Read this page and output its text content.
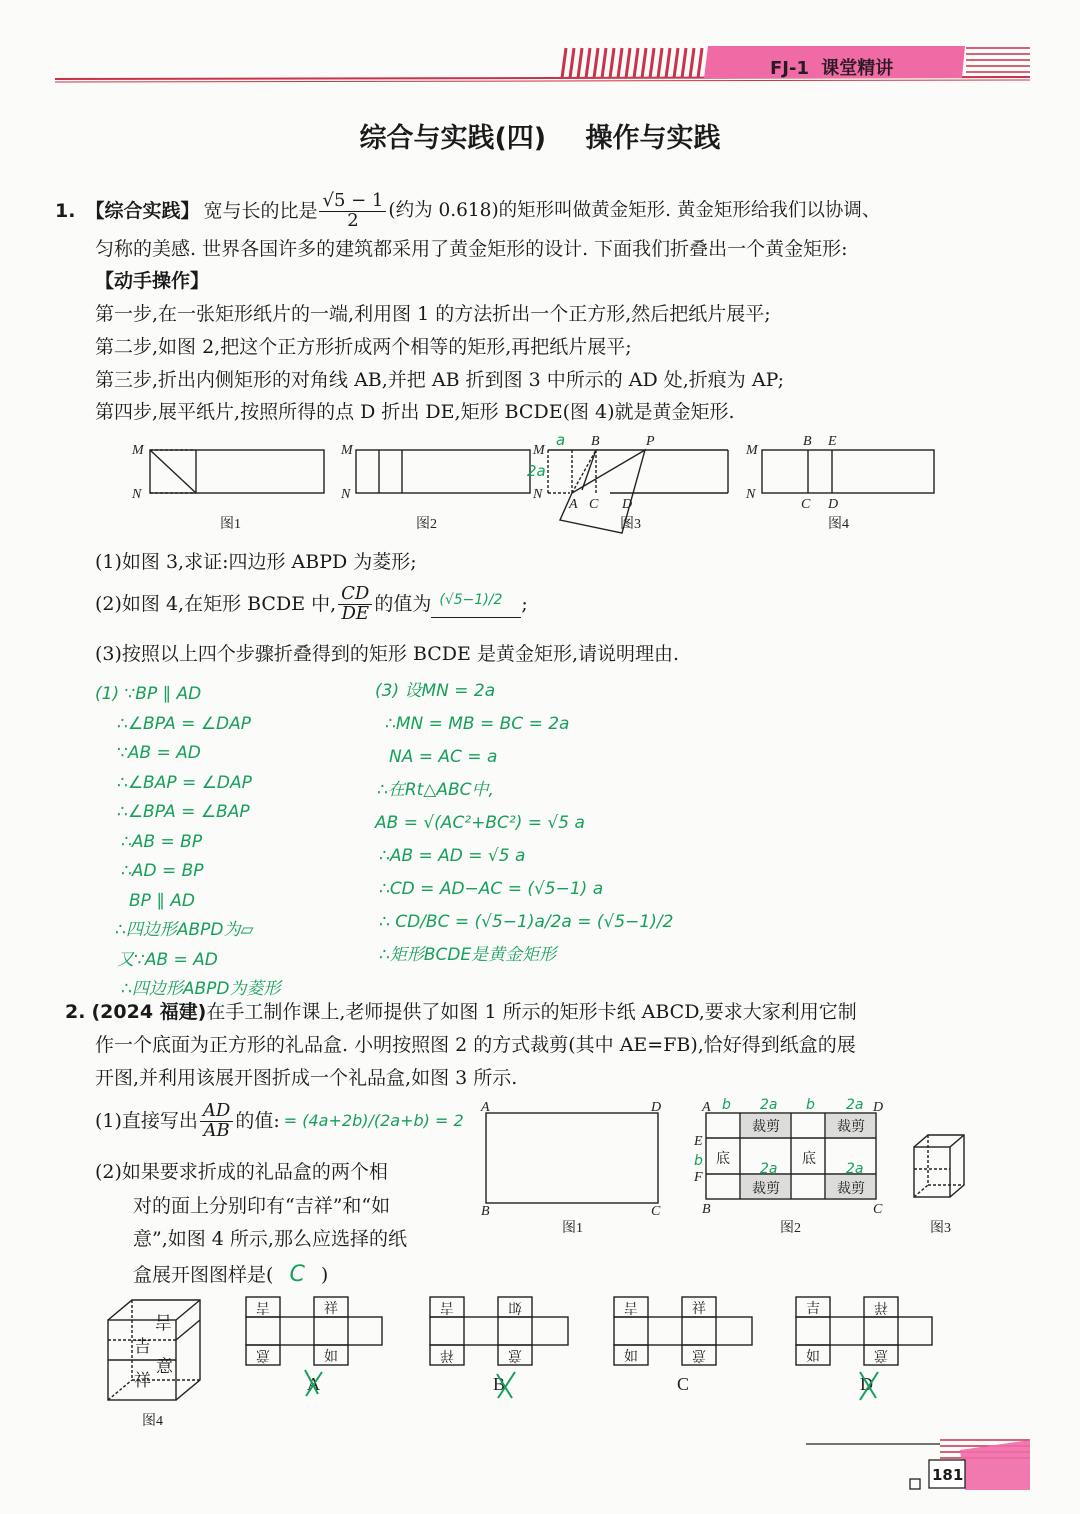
FJ-1 课堂精讲
综合与实践(四) 操作与实践
1. 【综合实践】 宽与长的比是 $\frac{√5 - 1}{2}$ (约为 0.618)的矩形叫做黄金矩形. 黄金矩形给我们以协调、
匀称的美感. 世界各国许多的建筑都采用了黄金矩形的设计. 下面我们折叠出一个黄金矩形:
【动手操作】
第一步,在一张矩形纸片的一端,利用图 1 的方法折出一个正方形,然后把纸片展平;
第二步,如图 2,把这个正方形折成两个相等的矩形,再把纸片展平;
第三步,折出内侧矩形的对角线 AB,并把 AB 折到图 3 中所示的 AD 处,折痕为 AP;
第四步,展平纸片,按照所得的点 D 折出 DE,矩形 BCDE(图 4)就是黄金矩形.
M
N
M
N
M
N
B	P
A C D
M
N
B E
C D
a
2a
图1	图2	图3	图4
(1)如图 3,求证:四边形 ABPD 为菱形;
(2)如图 4,在矩形 BCDE 中, $\frac{CD}{DE}$ 的值为 (√5−1)/2 ;
(3)按照以上四个步骤折叠得到的矩形 BCDE 是黄金矩形,请说明理由.
(1) ∵BP ∥ AD
∴∠BPA = ∠DAP
∵AB = AD
∴∠BAP = ∠DAP
∴∠BPA = ∠BAP
∴AB = BP
∴AD = BP
BP ∥ AD
∴四边形ABPD为▱
又∵AB = AD
∴四边形ABPD为菱形
(3) 设MN = 2a
∴MN = MB = BC = 2a
NA = AC = a
∴在Rt△ABC中,
AB = √(AC²+BC²) = √5 a
∴AB = AD = √5 a
∴CD = AD−AC = (√5−1) a
∴ CD/BC = (√5−1)a/2a = (√5−1)/2
∴矩形BCDE是黄金矩形
2. (2024 福建)在手工制作课上,老师提供了如图 1 所示的矩形卡纸 ABCD,要求大家利用它制
作一个底面为正方形的礼品盒. 小明按照图 2 的方式裁剪(其中 AE=FB),恰好得到纸盒的展
开图,并利用该展开图折成一个礼品盒,如图 3 所示.
(1)直接写出 $\frac{AD}{AB}$ 的值: = (4a+2b)/(2a+b) = 2
(2)如果要求折成的礼品盒的两个相
对的面上分别印有“吉祥”和“如
意”,如图 4 所示,那么应选择的纸
盒展开图图样是( C )
A	D
B	C
A	D
E
F
B	C
裁剪	裁剪
裁剪	裁剪
底	底
b 2a b 2a
b	2a	2a
图1	图2	图3
吉
祥
吉
意
吉	祥
意	如
吉	如
祥	意
吉	祥
如	意
吉	祥
如	意
A	B	C	D
图4
181
